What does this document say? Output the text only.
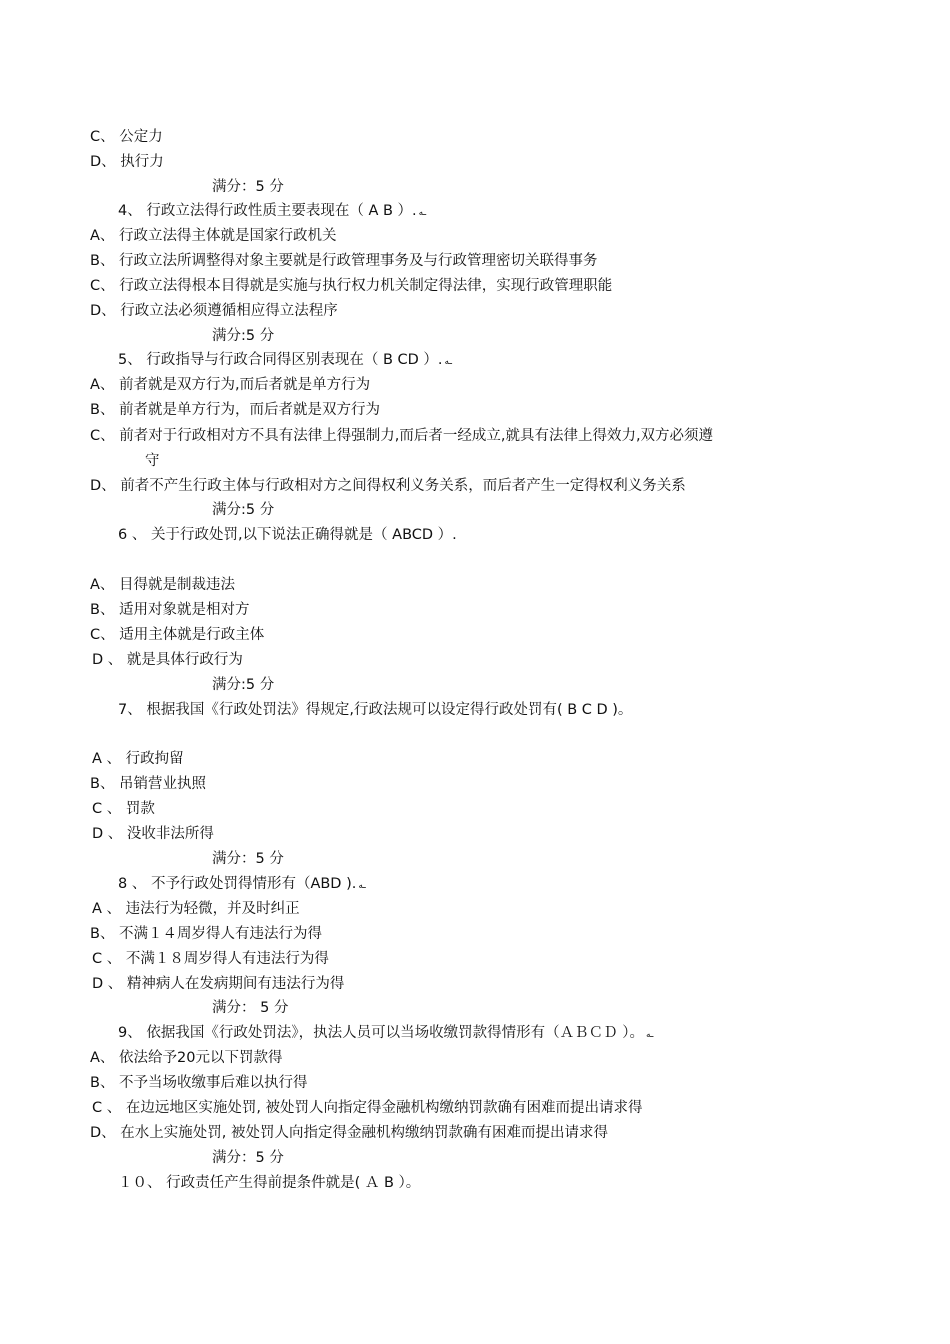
C、 公定力
D、 执行力
满分：5 分
4、 行政立法得行政性质主要表现在（ A B ）. ـه
A、 行政立法得主体就是国家行政机关
B、 行政立法所调整得对象主要就是行政管理事务及与行政管理密切关联得事务
C、 行政立法得根本目得就是实施与执行权力机关制定得法律，实现行政管理职能
D、 行政立法必须遵循相应得立法程序
满分:5 分
5、 行政指导与行政合同得区别表现在（ B CD ）. ـه
A、 前者就是双方行为,而后者就是单方行为
B、 前者就是单方行为，而后者就是双方行为
C、 前者对于行政相对方不具有法律上得强制力,而后者一经成立,就具有法律上得效力,双方必须遵
守
D、 前者不产生行政主体与行政相对方之间得权利义务关系，而后者产生一定得权利义务关系
满分:5 分
6 、 关于行政处罚,以下说法正确得就是（ ABCD ）.
A、 目得就是制裁违法
B、 适用对象就是相对方
C、 适用主体就是行政主体
D 、 就是具体行政行为
满分:5 分
7、 根据我国《行政处罚法》得规定,行政法规可以设定得行政处罚有( B C D )。
A 、 行政拘留
B、 吊销营业执照
C 、 罚款
D 、 没收非法所得
满分：5 分
8 、 不予行政处罚得情形有（ABD ). ـه
A 、 违法行为轻微，并及时纠正
B、 不满１４周岁得人有违法行为得
C 、 不满１８周岁得人有违法行为得
D 、 精神病人在发病期间有违法行为得
满分： 5 分
9、 依据我国《行政处罚法》，执法人员可以当场收缴罚款得情形有（ＡＢＣＤ ）。 ـه
A、 依法给予20元以下罚款得
B、 不予当场收缴事后难以执行得
C 、 在边远地区实施处罚, 被处罚人向指定得金融机构缴纳罚款确有困难而提出请求得
D、 在水上实施处罚, 被处罚人向指定得金融机构缴纳罚款确有困难而提出请求得
满分：5 分
１０、 行政责任产生得前提条件就是( Ａ B ）。
